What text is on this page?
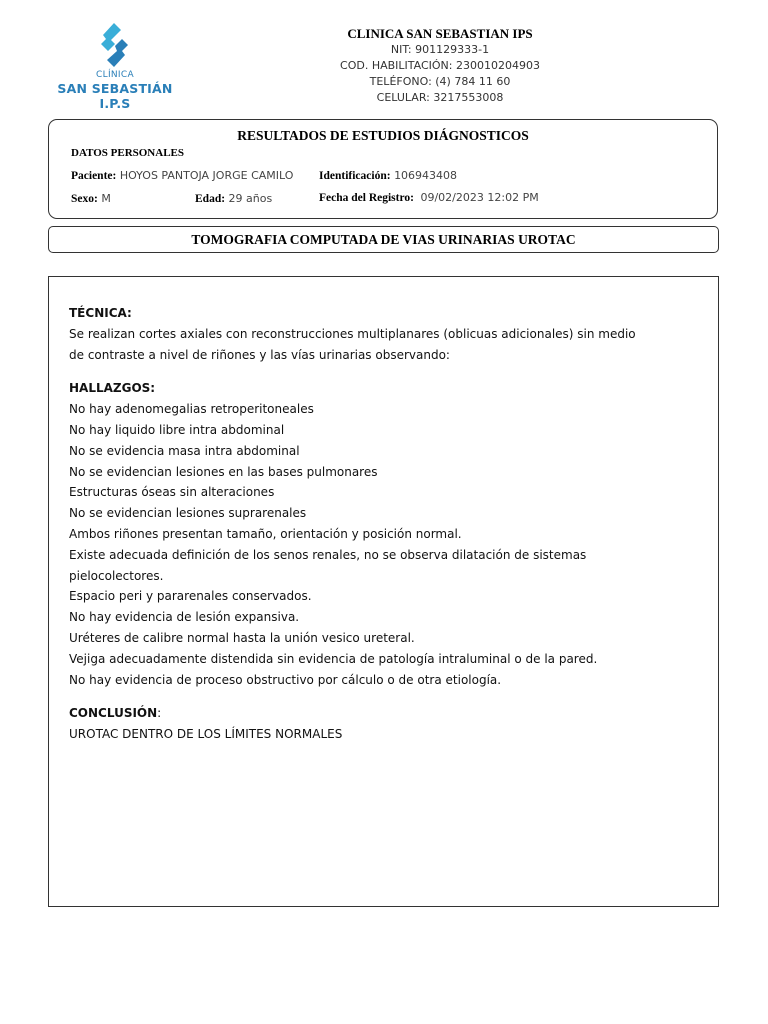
CLÍNICA
SAN SEBASTIÁN I.P.S
CLINICA SAN SEBASTIAN IPS
NIT: 901129333-1
COD. HABILITACIÓN: 230010204903
TELÉFONO: (4) 784 11 60
CELULAR: 3217553008
RESULTADOS DE ESTUDIOS DIÁGNOSTICOS
DATOS PERSONALES
Paciente: HOYOS PANTOJA JORGE CAMILO Identificación: 106943408
Sexo: M	Edad: 29 años	Fecha del Registro: 09/02/2023 12:02 PM
TOMOGRAFIA COMPUTADA DE VIAS URINARIAS UROTAC
TÉCNICA:
Se realizan cortes axiales con reconstrucciones multiplanares (oblicuas adicionales) sin medio
de contraste a nivel de riñones y las vías urinarias observando:
HALLAZGOS:
No hay adenomegalias retroperitoneales
No hay liquido libre intra abdominal
No se evidencia masa intra abdominal
No se evidencian lesiones en las bases pulmonares
Estructuras óseas sin alteraciones
No se evidencian lesiones suprarenales
Ambos riñones presentan tamaño, orientación y posición normal.
Existe adecuada definición de los senos renales, no se observa dilatación de sistemas
pielocolectores.
Espacio peri y pararenales conservados.
No hay evidencia de lesión expansiva.
Uréteres de calibre normal hasta la unión vesico ureteral.
Vejiga adecuadamente distendida sin evidencia de patología intraluminal o de la pared.
No hay evidencia de proceso obstructivo por cálculo o de otra etiología.
CONCLUSIÓN:
UROTAC DENTRO DE LOS LÍMITES NORMALES
